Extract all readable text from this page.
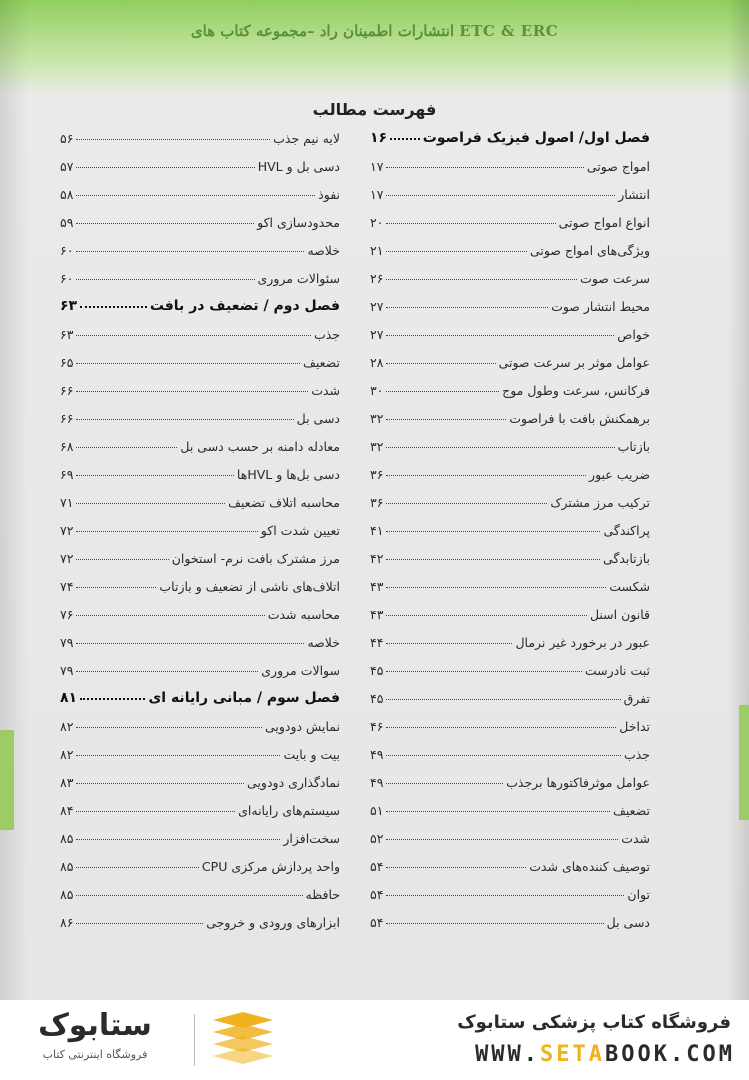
انتشارات اطمینان راد –مجموعه کتاب های ETC & ERC
فهرست مطالب
فصل اول/ اصول فیزیک فراصوت
۱۶
امواج صوتی
۱۷
انتشار
۱۷
انواع امواج صوتی
۲۰
ویژگی‌های امواج صوتی
۲۱
سرعت صوت
۲۶
محیط انتشار صوت
۲۷
خواص
۲۷
عوامل موثر بر سرعت صوتی
۲۸
فرکانس، سرعت وطول موج
۳۰
برهمکنش بافت با فراصوت
۳۲
بازتاب
۳۲
ضریب عبور
۳۶
ترکیب مرز مشترک
۳۶
پراکندگی
۴۱
بازتابدگی
۴۲
شکست
۴۳
قانون اسنل
۴۳
عبور در برخورد غیر نرمال
۴۴
ثبت نادرست
۴۵
تفرق
۴۵
تداخل
۴۶
جذب
۴۹
عوامل موثرفاکتورها برجذب
۴۹
تضعیف
۵۱
شدت
۵۲
توصیف کننده‌های شدت
۵۴
توان
۵۴
دسی بل
۵۴
لایه نیم جذب
۵۶
دسی بل و HVL
۵۷
نفوذ
۵۸
محدودسازی اکو
۵۹
خلاصه
۶۰
سئوالات مروری
۶۰
فصل دوم / تضعیف در بافت
۶۳
جذب
۶۳
تضعیف
۶۵
شدت
۶۶
دسی بل
۶۶
معادله دامنه بر حسب دسی بل
۶۸
دسی بل‌ها و HVLها
۶۹
محاسبه اتلاف تضعیف
۷۱
تعیین شدت اکو
۷۲
مرز مشترک بافت نرم- استخوان
۷۲
اتلاف‌های ناشی از تضعیف و بازتاب
۷۴
محاسبه شدت
۷۶
خلاصه
۷۹
سوالات مروری
۷۹
فصل سوم / مبانی رایانه ای
۸۱
نمایش دودویی
۸۲
بیت و بایت
۸۲
نمادگذاری دودویی
۸۳
سیستم‌های رایانه‌ای
۸۴
سخت‌افزار
۸۵
واحد پردازش مرکزی CPU
۸۵
حافظه
۸۵
ابزارهای ورودی و خروجی
۸۶
ستابوک
فروشگاه اینترنتی کتاب
فروشگاه کتاب پزشکی ستابوک
WWW.SETABOOK.COM
